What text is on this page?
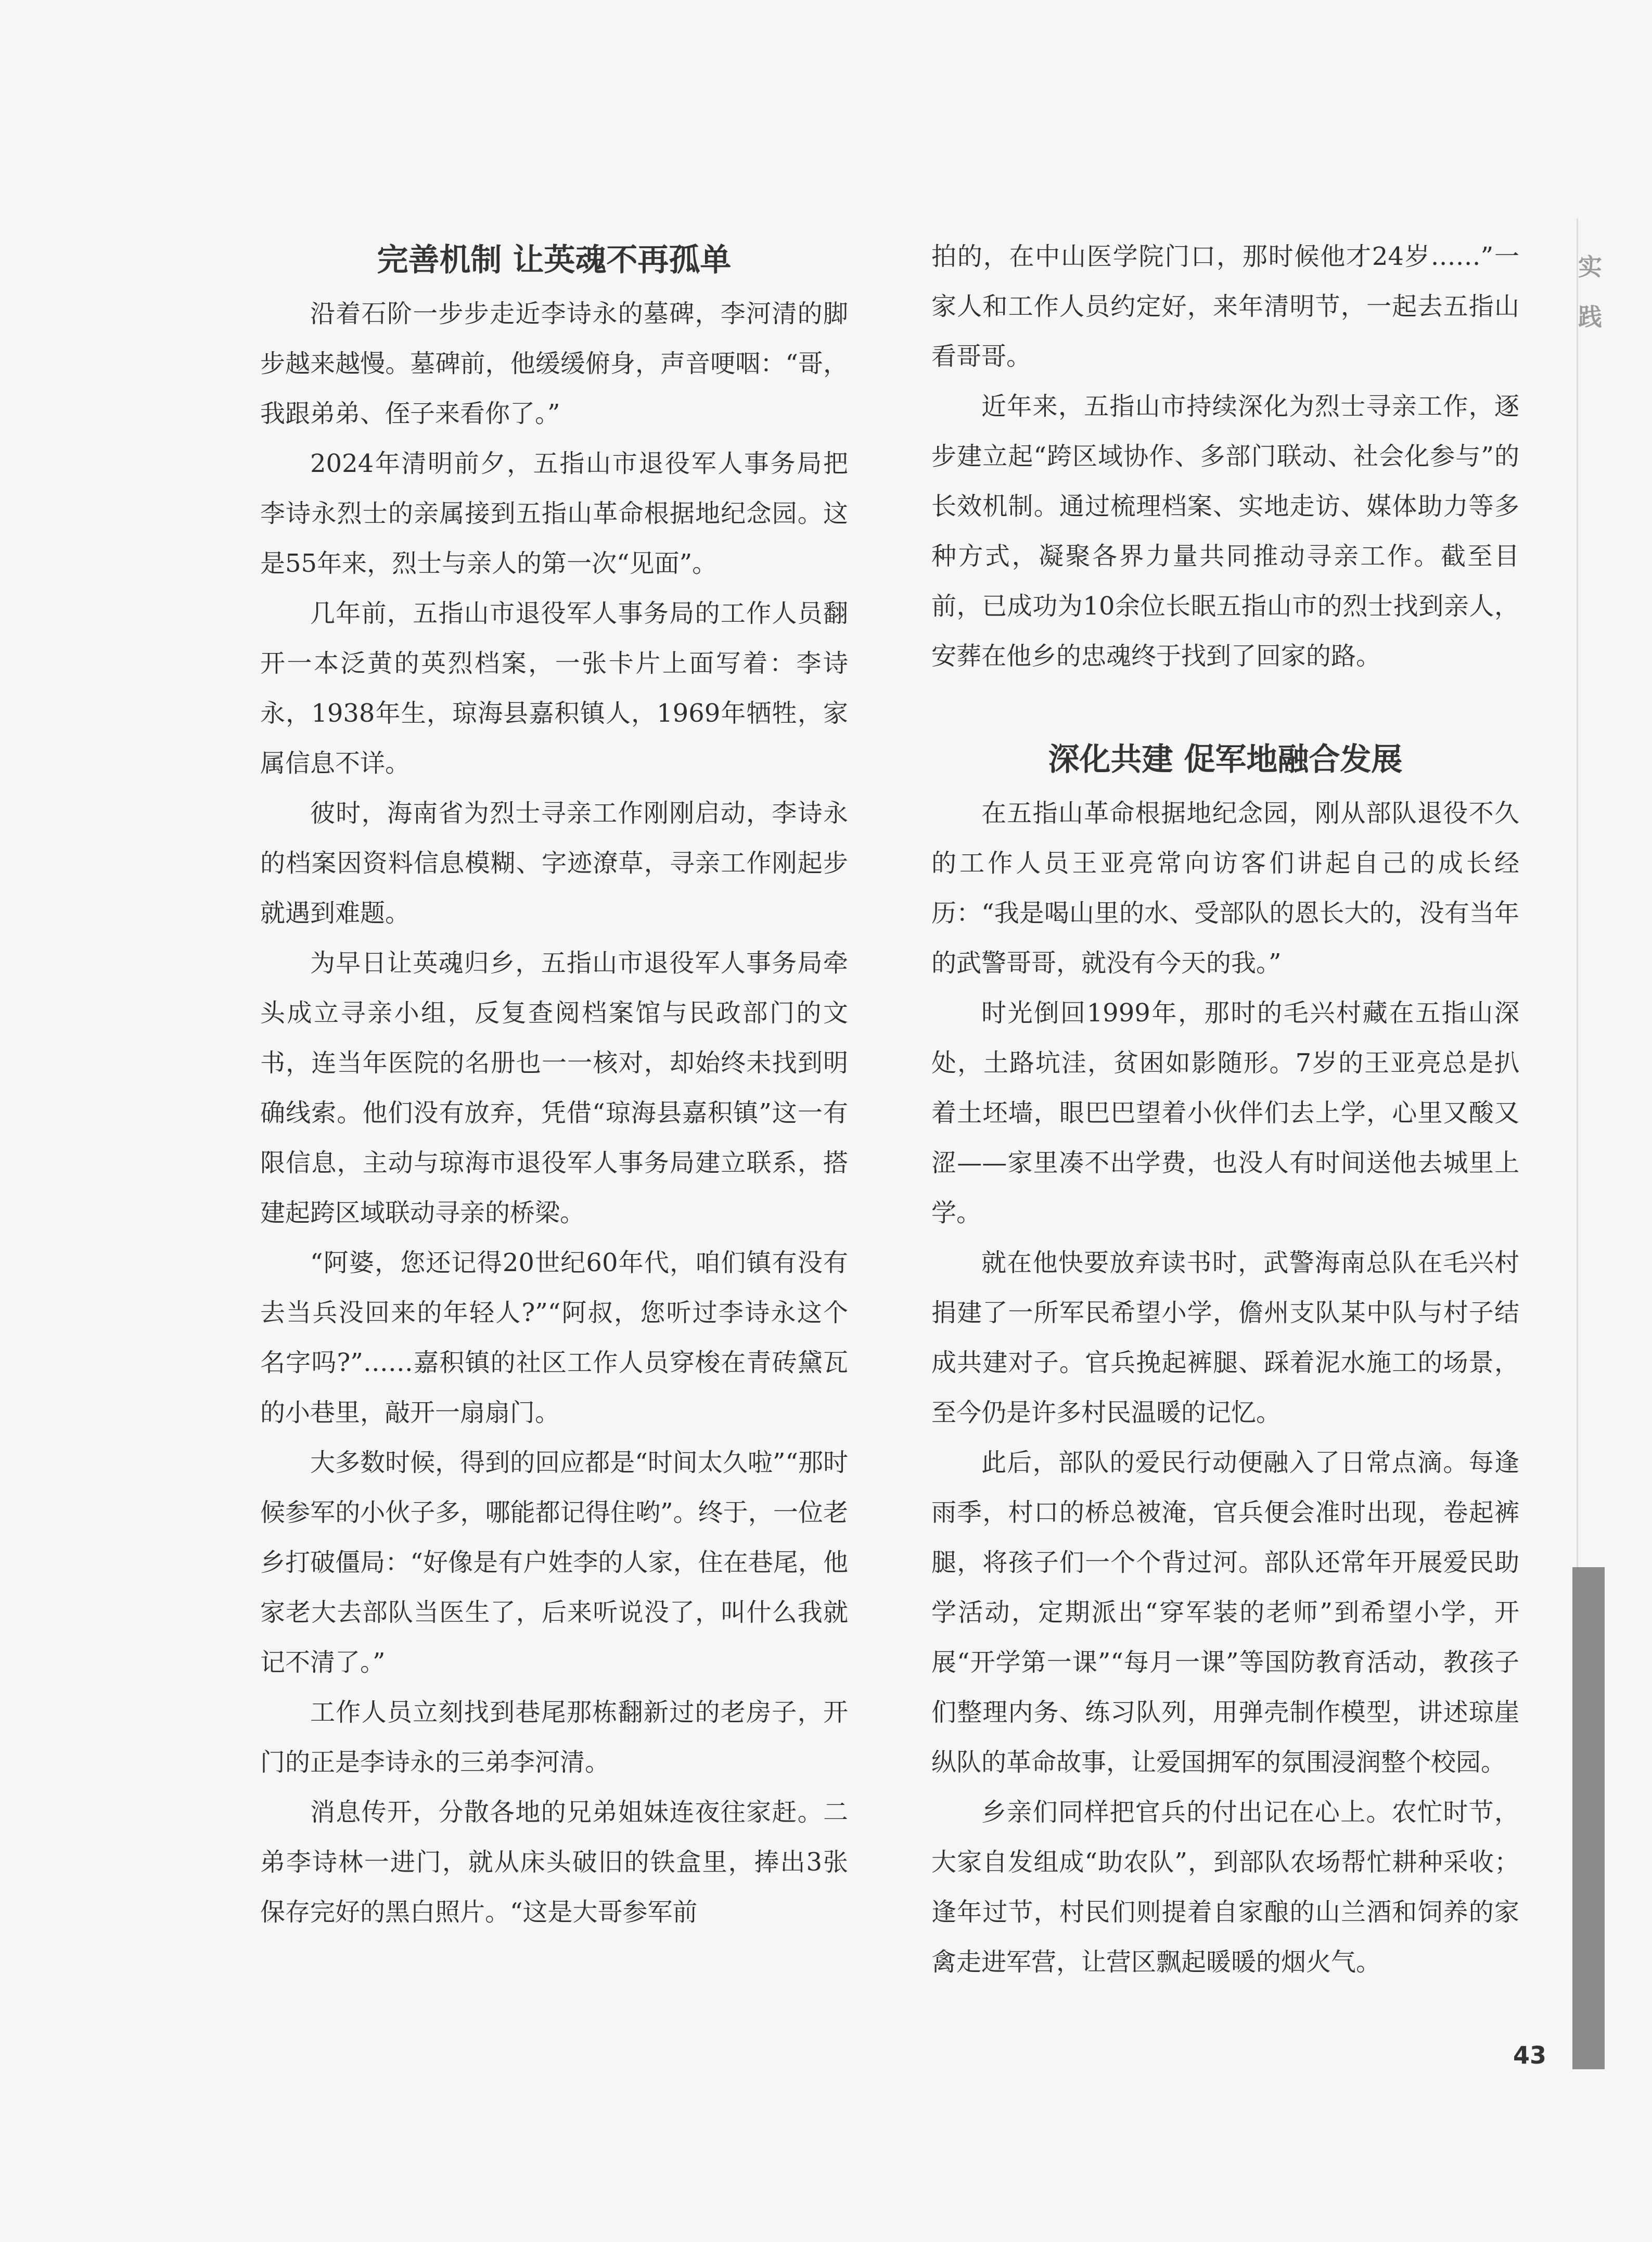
实
践
完善机制 让英魂不再孤单

沿着石阶一步步走近李诗永的墓碑，李河清的脚步越来越慢。墓碑前，他缓缓俯身，声音哽咽：“哥，我跟弟弟、侄子来看你了。”

2024年清明前夕，五指山市退役军人事务局把李诗永烈士的亲属接到五指山革命根据地纪念园。这是55年来，烈士与亲人的第一次“见面”。

几年前，五指山市退役军人事务局的工作人员翻开一本泛黄的英烈档案，一张卡片上面写着：李诗永，1938年生，琼海县嘉积镇人，1969年牺牲，家属信息不详。

彼时，海南省为烈士寻亲工作刚刚启动，李诗永的档案因资料信息模糊、字迹潦草，寻亲工作刚起步就遇到难题。

为早日让英魂归乡，五指山市退役军人事务局牵头成立寻亲小组，反复查阅档案馆与民政部门的文书，连当年医院的名册也一一核对，却始终未找到明确线索。他们没有放弃，凭借“琼海县嘉积镇”这一有限信息，主动与琼海市退役军人事务局建立联系，搭建起跨区域联动寻亲的桥梁。

“阿婆，您还记得20世纪60年代，咱们镇有没有去当兵没回来的年轻人?”“阿叔，您听过李诗永这个名字吗?”……嘉积镇的社区工作人员穿梭在青砖黛瓦的小巷里，敲开一扇扇门。

大多数时候，得到的回应都是“时间太久啦”“那时候参军的小伙子多，哪能都记得住哟”。终于，一位老乡打破僵局：“好像是有户姓李的人家，住在巷尾，他家老大去部队当医生了，后来听说没了，叫什么我就记不清了。”

工作人员立刻找到巷尾那栋翻新过的老房子，开门的正是李诗永的三弟李河清。

消息传开，分散各地的兄弟姐妹连夜往家赶。二弟李诗林一进门，就从床头破旧的铁盒里，捧出3张保存完好的黑白照片。“这是大哥参军前

拍的，在中山医学院门口，那时候他才24岁……”一家人和工作人员约定好，来年清明节，一起去五指山看哥哥。

近年来，五指山市持续深化为烈士寻亲工作，逐步建立起“跨区域协作、多部门联动、社会化参与”的长效机制。通过梳理档案、实地走访、媒体助力等多种方式，凝聚各界力量共同推动寻亲工作。截至目前，已成功为10余位长眠五指山市的烈士找到亲人，安葬在他乡的忠魂终于找到了回家的路。

深化共建 促军地融合发展

在五指山革命根据地纪念园，刚从部队退役不久的工作人员王亚亮常向访客们讲起自己的成长经历：“我是喝山里的水、受部队的恩长大的，没有当年的武警哥哥，就没有今天的我。”

时光倒回1999年，那时的毛兴村藏在五指山深处，土路坑洼，贫困如影随形。7岁的王亚亮总是扒着土坯墙，眼巴巴望着小伙伴们去上学，心里又酸又涩——家里凑不出学费，也没人有时间送他去城里上学。

就在他快要放弃读书时，武警海南总队在毛兴村捐建了一所军民希望小学，儋州支队某中队与村子结成共建对子。官兵挽起裤腿、踩着泥水施工的场景，至今仍是许多村民温暖的记忆。

此后，部队的爱民行动便融入了日常点滴。每逢雨季，村口的桥总被淹，官兵便会准时出现，卷起裤腿，将孩子们一个个背过河。部队还常年开展爱民助学活动，定期派出“穿军装的老师”到希望小学，开展“开学第一课”“每月一课”等国防教育活动，教孩子们整理内务、练习队列，用弹壳制作模型，讲述琼崖纵队的革命故事，让爱国拥军的氛围浸润整个校园。

乡亲们同样把官兵的付出记在心上。农忙时节，大家自发组成“助农队”，到部队农场帮忙耕种采收；逢年过节，村民们则提着自家酿的山兰酒和饲养的家禽走进军营，让营区飘起暖暖的烟火气。

43
